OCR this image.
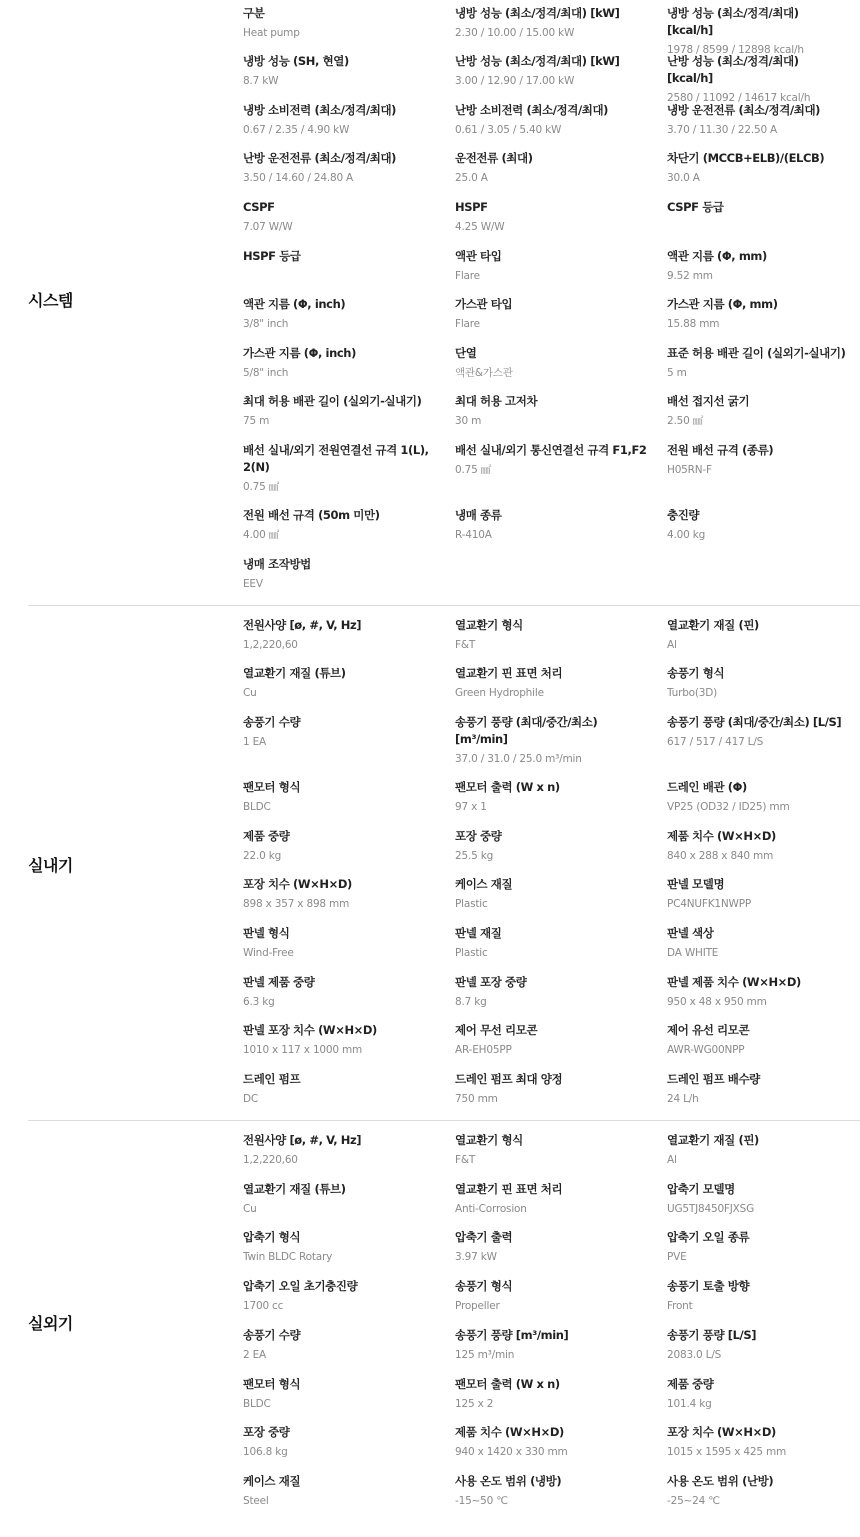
시스템
구분
Heat pump
냉방 성능 (최소/정격/최대) [kW]
2.30 / 10.00 / 15.00 kW
냉방 성능 (최소/정격/최대) [kcal/h]
1978 / 8599 / 12898 kcal/h
냉방 성능 (SH, 현열)
8.7 kW
난방 성능 (최소/정격/최대) [kW]
3.00 / 12.90 / 17.00 kW
난방 성능 (최소/정격/최대) [kcal/h]
2580 / 11092 / 14617 kcal/h
냉방 소비전력 (최소/정격/최대)
0.67 / 2.35 / 4.90 kW
난방 소비전력 (최소/정격/최대)
0.61 / 3.05 / 5.40 kW
냉방 운전전류 (최소/정격/최대)
3.70 / 11.30 / 22.50 A
난방 운전전류 (최소/정격/최대)
3.50 / 14.60 / 24.80 A
운전전류 (최대)
25.0 A
차단기 (MCCB+ELB)/(ELCB)
30.0 A
CSPF
7.07 W/W
HSPF
4.25 W/W
CSPF 등급
HSPF 등급	액관 타입
Flare
액관 지름 (Φ, mm)
9.52 mm
액관 지름 (Φ, inch)
3/8" inch
가스관 타입
Flare
가스관 지름 (Φ, mm)
15.88 mm
가스관 지름 (Φ, inch)
5/8" inch
단열
액관&가스관
표준 허용 배관 길이 (실외기-실내기)
5 m
최대 허용 배관 길이 (실외기-실내기)
75 m
최대 허용 고저차
30 m
배선 접지선 굵기
2.50 ㎟
배선 실내/외기 전원연결선 규격 1(L), 2(N)
0.75 ㎟
배선 실내/외기 통신연결선 규격 F1,F2
0.75 ㎟
전원 배선 규격 (종류)
H05RN-F
전원 배선 규격 (50m 미만)
4.00 ㎟
냉매 종류
R-410A
충진량
4.00 kg
냉매 조작방법
EEV
실내기
전원사양 [ø, #, V, Hz]
1,2,220,60
열교환기 형식
F&T
열교환기 재질 (핀)
Al
열교환기 재질 (튜브)
Cu
열교환기 핀 표면 처리
Green Hydrophile
송풍기 형식
Turbo(3D)
송풍기 수량
1 EA
송풍기 풍량 (최대/중간/최소) [m³/min]
37.0 / 31.0 / 25.0 m³/min
송풍기 풍량 (최대/중간/최소) [L/S]
617 / 517 / 417 L/S
팬모터 형식
BLDC
팬모터 출력 (W x n)
97 x 1
드레인 배관 (Φ)
VP25 (OD32 / ID25) mm
제품 중량
22.0 kg
포장 중량
25.5 kg
제품 치수 (W×H×D)
840 x 288 x 840 mm
포장 치수 (W×H×D)
898 x 357 x 898 mm
케이스 재질
Plastic
판넬 모델명
PC4NUFK1NWPP
판넬 형식
Wind-Free
판넬 재질
Plastic
판넬 색상
DA WHITE
판넬 제품 중량
6.3 kg
판넬 포장 중량
8.7 kg
판넬 제품 치수 (W×H×D)
950 x 48 x 950 mm
판넬 포장 치수 (W×H×D)
1010 x 117 x 1000 mm
제어 무선 리모콘
AR-EH05PP
제어 유선 리모콘
AWR-WG00NPP
드레인 펌프
DC
드레인 펌프 최대 양정
750 mm
드레인 펌프 배수량
24 L/h
실외기
전원사양 [ø, #, V, Hz]
1,2,220,60
열교환기 형식
F&T
열교환기 재질 (핀)
Al
열교환기 재질 (튜브)
Cu
열교환기 핀 표면 처리
Anti-Corrosion
압축기 모델명
UG5TJ8450FJXSG
압축기 형식
Twin BLDC Rotary
압축기 출력
3.97 kW
압축기 오일 종류
PVE
압축기 오일 초기충진량
1700 cc
송풍기 형식
Propeller
송풍기 토출 방향
Front
송풍기 수량
2 EA
송풍기 풍량 [m³/min]
125 m³/min
송풍기 풍량 [L/S]
2083.0 L/S
팬모터 형식
BLDC
팬모터 출력 (W x n)
125 x 2
제품 중량
101.4 kg
포장 중량
106.8 kg
제품 치수 (W×H×D)
940 x 1420 x 330 mm
포장 치수 (W×H×D)
1015 x 1595 x 425 mm
케이스 재질
Steel
사용 온도 범위 (냉방)
-15~50 ℃
사용 온도 범위 (난방)
-25~24 ℃
